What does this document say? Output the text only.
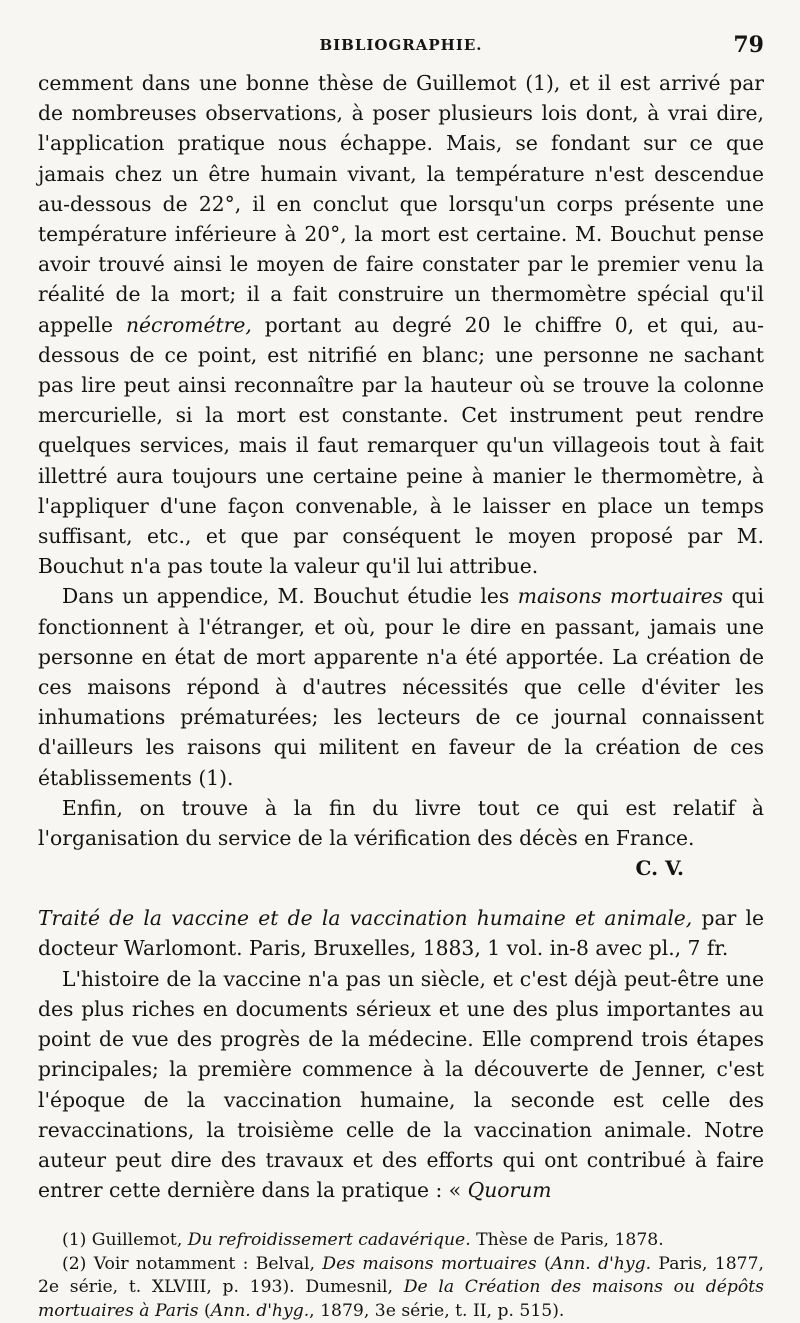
BIBLIOGRAPHIE.	79

cemment dans une bonne thèse de Guillemot (1), et il est arrivé par de nombreuses observations, à poser plusieurs lois dont, à vrai dire, l'application pratique nous échappe. Mais, se fondant sur ce que jamais chez un être humain vivant, la température n'est descendue au-dessous de 22°, il en conclut que lorsqu'un corps présente une température inférieure à 20°, la mort est certaine. M. Bouchut pense avoir trouvé ainsi le moyen de faire constater par le premier venu la réalité de la mort; il a fait construire un thermomètre spécial qu'il appelle nécrométre, portant au degré 20 le chiffre 0, et qui, au-dessous de ce point, est nitrifié en blanc; une personne ne sachant pas lire peut ainsi reconnaître par la hauteur où se trouve la colonne mercurielle, si la mort est constante. Cet instrument peut rendre quelques services, mais il faut remarquer qu'un villageois tout à fait illettré aura toujours une certaine peine à manier le thermomètre, à l'appliquer d'une façon convenable, à le laisser en place un temps suffisant, etc., et que par conséquent le moyen proposé par M. Bouchut n'a pas toute la valeur qu'il lui attribue.

Dans un appendice, M. Bouchut étudie les maisons mortuaires qui fonctionnent à l'étranger, et où, pour le dire en passant, jamais une personne en état de mort apparente n'a été apportée. La création de ces maisons répond à d'autres nécessités que celle d'éviter les inhumations prématurées; les lecteurs de ce journal connaissent d'ailleurs les raisons qui militent en faveur de la création de ces établissements (1).

Enfin, on trouve à la fin du livre tout ce qui est relatif à l'organisation du service de la vérification des décès en France.

C. V.

Traité de la vaccine et de la vaccination humaine et animale, par le docteur Warlomont. Paris, Bruxelles, 1883, 1 vol. in-8 avec pl., 7 fr.

L'histoire de la vaccine n'a pas un siècle, et c'est déjà peut-être une des plus riches en documents sérieux et une des plus importantes au point de vue des progrès de la médecine. Elle comprend trois étapes principales; la première commence à la découverte de Jenner, c'est l'époque de la vaccination humaine, la seconde est celle des revaccinations, la troisième celle de la vaccination animale. Notre auteur peut dire des travaux et des efforts qui ont contribué à faire entrer cette dernière dans la pratique : « Quorum

(1) Guillemot, Du refroidissemert cadavérique. Thèse de Paris, 1878.

(2) Voir notamment : Belval, Des maisons mortuaires (Ann. d'hyg. Paris, 1877, 2e série, t. XLVIII, p. 193). Dumesnil, De la Création des maisons ou dépôts mortuaires à Paris (Ann. d'hyg., 1879, 3e série, t. II, p. 515).
